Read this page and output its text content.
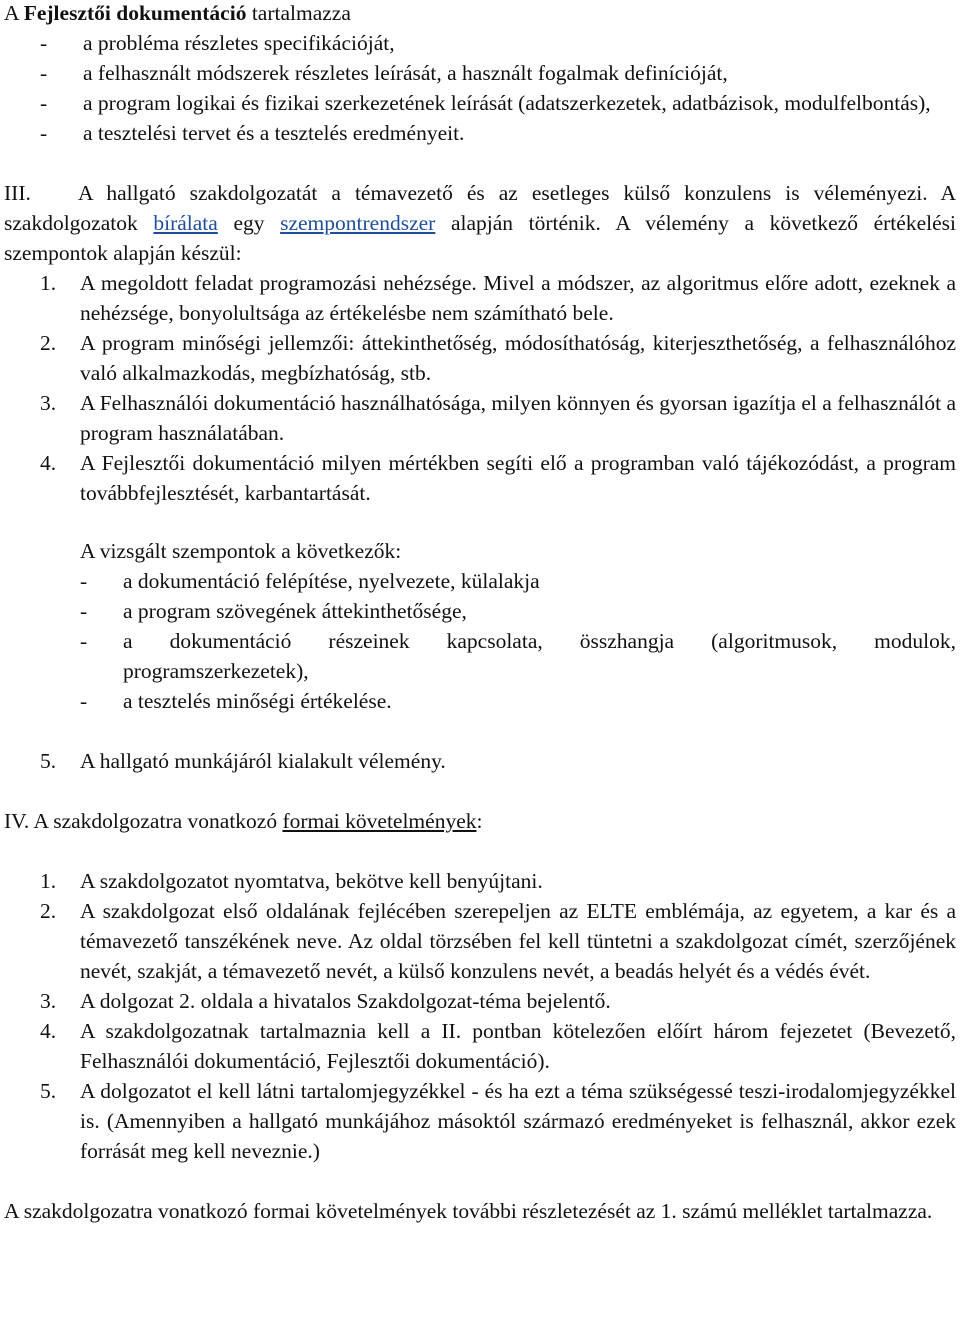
A Fejlesztői dokumentáció tartalmazza

-	a probléma részletes specifikációját,
-	a felhasznált módszerek részletes leírását, a használt fogalmak definícióját,
-	a program logikai és fizikai szerkezetének leírását (adatszerkezetek, adatbázisok, modulfelbontás),
-	a tesztelési tervet és a tesztelés eredményeit.
III. A hallgató szakdolgozatát a témavezető és az esetleges külső konzulens is véleményezi. A szakdolgozatok bírálata egy szempontrendszer alapján történik. A vélemény a következő értékelési szempontok alapján készül:
1.	A megoldott feladat programozási nehézsége. Mivel a módszer, az algoritmus előre adott, ezeknek a nehézsége, bonyolultsága az értékelésbe nem számítható bele.
2.	A program minőségi jellemzői: áttekinthetőség, módosíthatóság, kiterjeszthetőség, a felhasználóhoz való alkalmazkodás, megbízhatóság, stb.
3.	A Felhasználói dokumentáció használhatósága, milyen könnyen és gyorsan igazítja el a felhasználót a program használatában.
4.	A Fejlesztői dokumentáció milyen mértékben segíti elő a programban való tájékozódást, a program továbbfejlesztését, karbantartását.

A vizsgált szempontok a következők:

-	a dokumentáció felépítése, nyelvezete, külalakja
-	a program szövegének áttekinthetősége,
-	a dokumentáció részeinek kapcsolata, összhangja (algoritmusok, modulok, programszerkezetek),
-	a tesztelés minőségi értékelése.
5.	A hallgató munkájáról kialakult vélemény.

IV. A szakdolgozatra vonatkozó formai követelmények:

1.	A szakdolgozatot nyomtatva, bekötve kell benyújtani.
2.	A szakdolgozat első oldalának fejlécében szerepeljen az ELTE emblémája, az egyetem, a kar és a témavezető tanszékének neve. Az oldal törzsében fel kell tüntetni a szakdolgozat címét, szerzőjének nevét, szakját, a témavezető nevét, a külső konzulens nevét, a beadás helyét és a védés évét.
3.	A dolgozat 2. oldala a hivatalos Szakdolgozat-téma bejelentő.
4.	A szakdolgozatnak tartalmaznia kell a II. pontban kötelezően előírt három fejezetet (Bevezető, Felhasználói dokumentáció, Fejlesztői dokumentáció).
5.	A dolgozatot el kell látni tartalomjegyzékkel - és ha ezt a téma szükségessé teszi-irodalomjegyzékkel is. (Amennyiben a hallgató munkájához másoktól származó eredményeket is felhasznál, akkor ezek forrását meg kell neveznie.)

A szakdolgozatra vonatkozó formai követelmények további részletezését az 1. számú melléklet tartalmazza.
